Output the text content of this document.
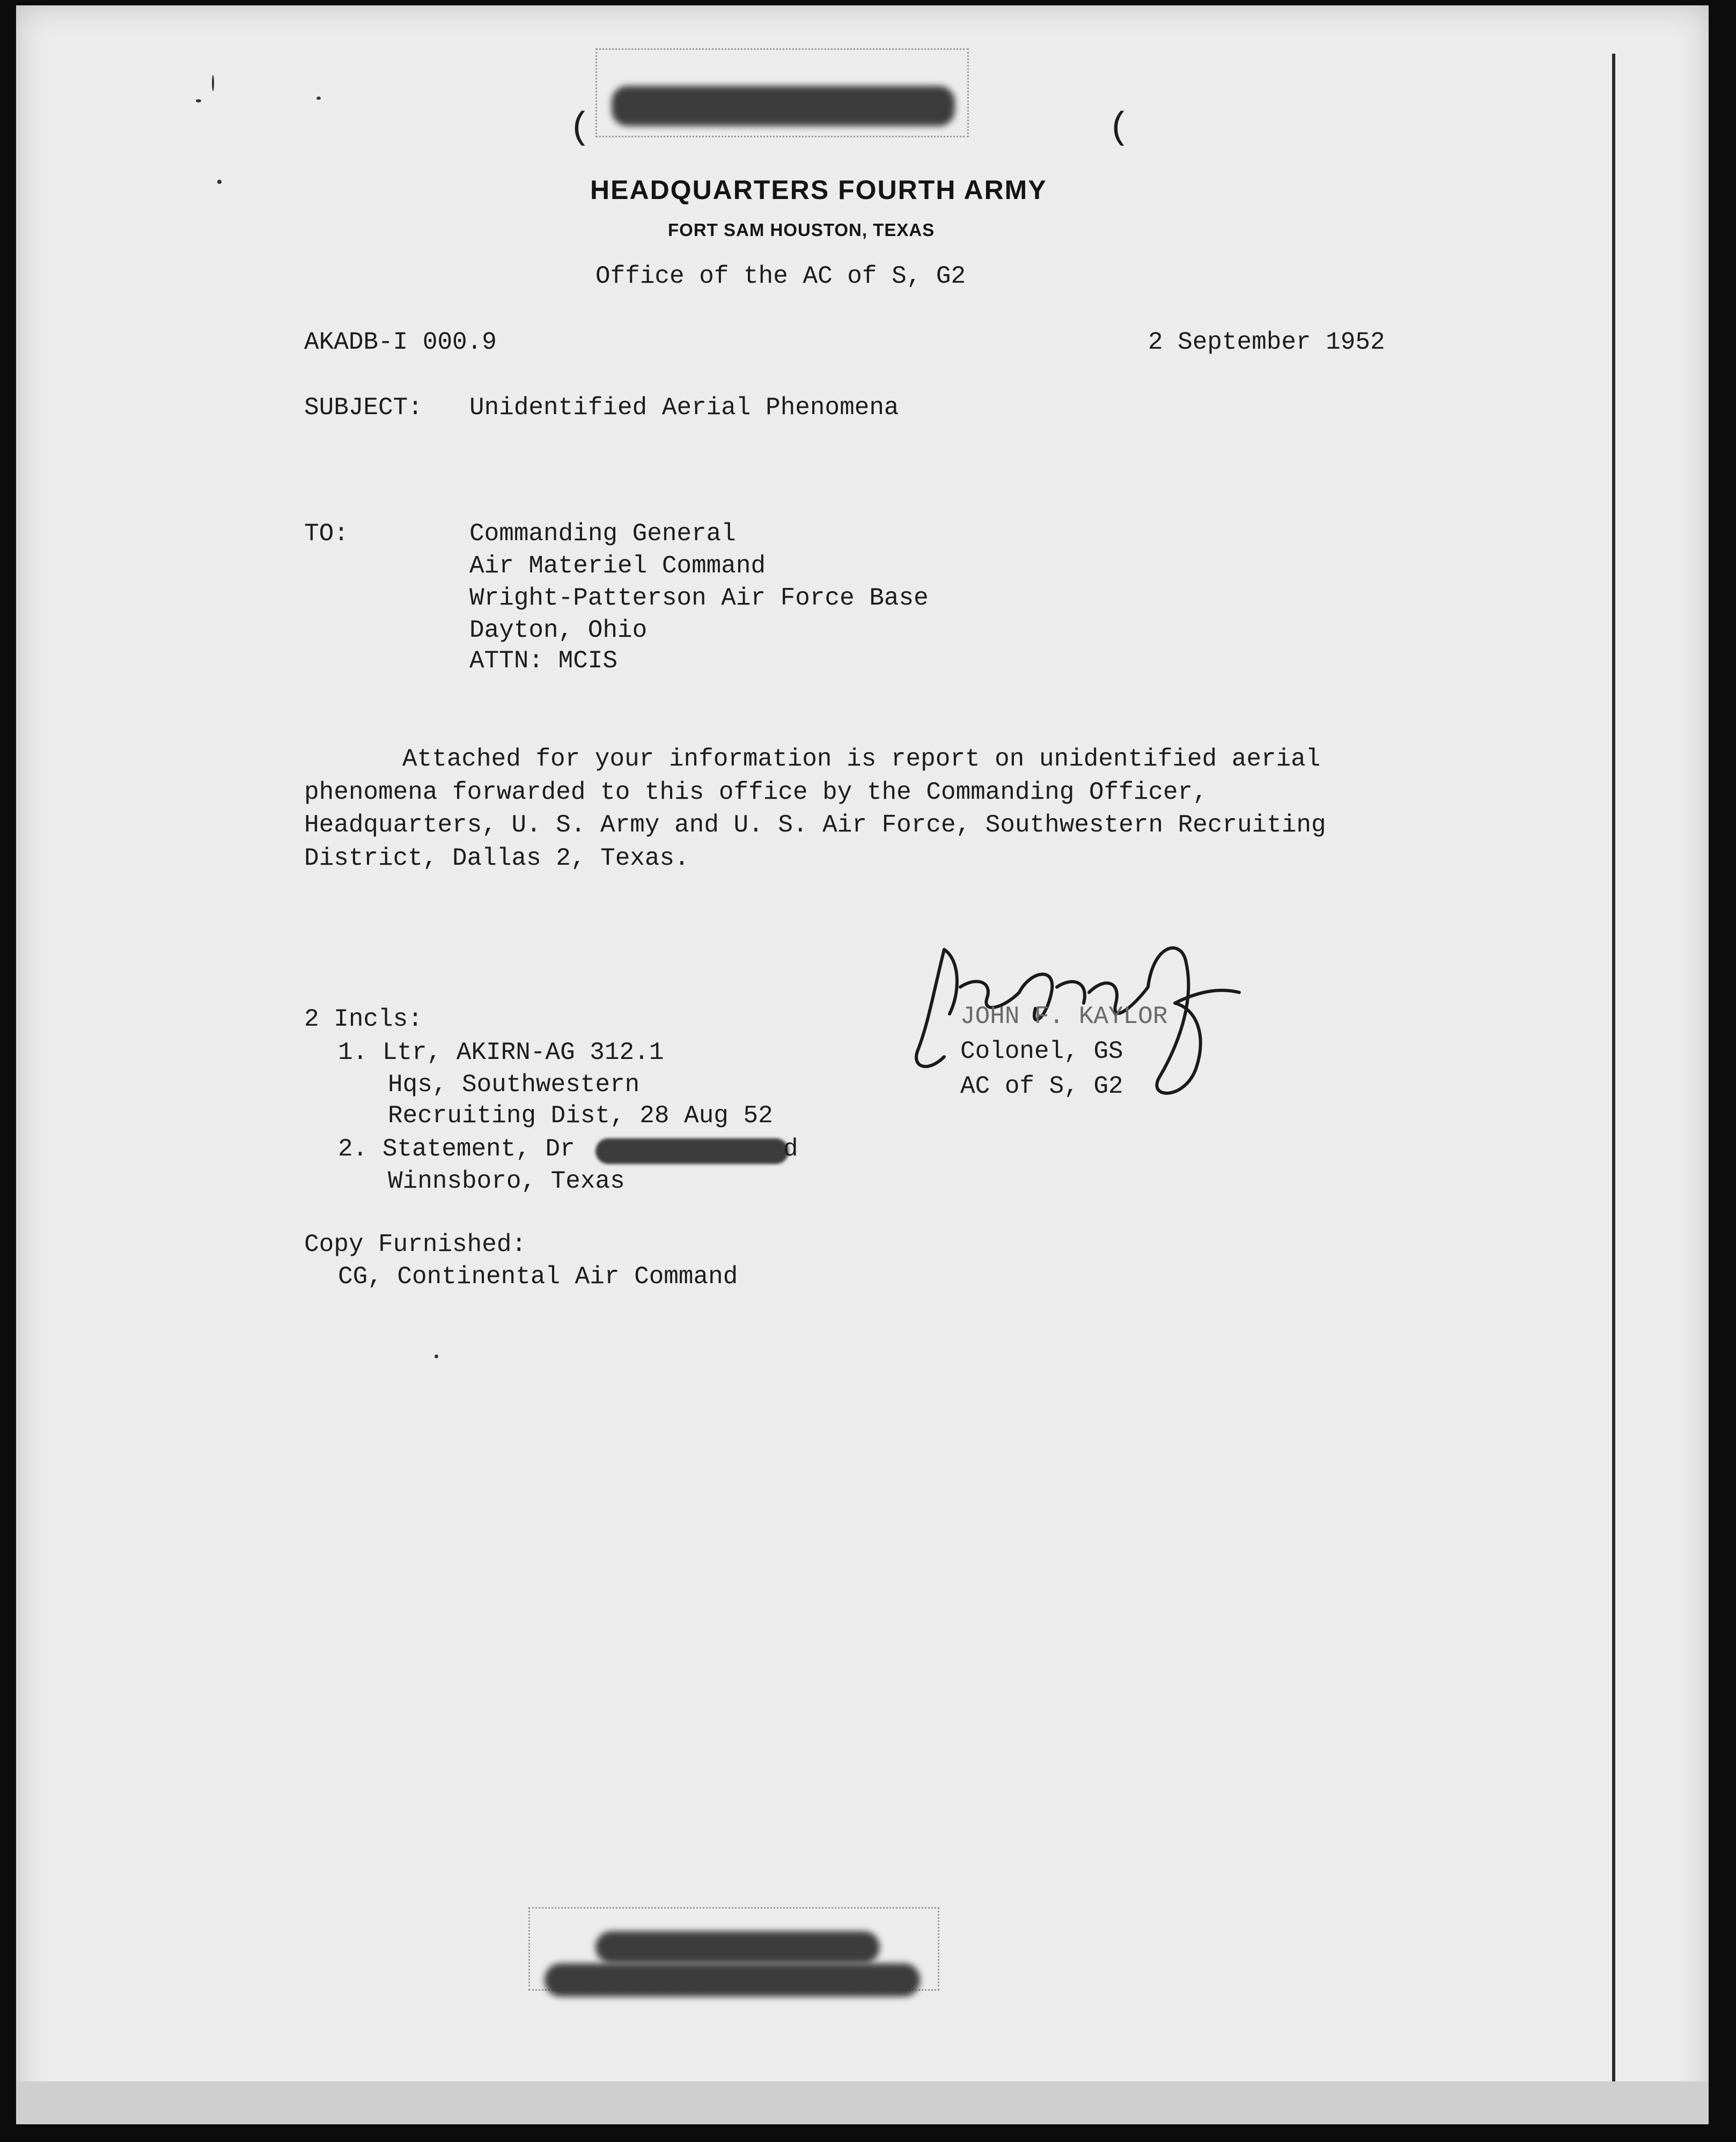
(	(
HEADQUARTERS FOURTH ARMY
FORT SAM HOUSTON, TEXAS
Office of the AC of S, G2
AKADB-I 000.9	2 September 1952
SUBJECT: Unidentified Aerial Phenomena
TO:	Commanding General
Air Materiel Command
Wright-Patterson Air Force Base
Dayton, Ohio
ATTN: MCIS
Attached for your information is report on unidentified aerial
phenomena forwarded to this office by the Commanding Officer,
Headquarters, U. S. Army and U. S. Air Force, Southwestern Recruiting
District, Dallas 2, Texas.
JOHN F. KAYLOR
Colonel, GS
AC of S, G2
2 Incls:
1. Ltr, AKIRN-AG 312.1
Hqs, Southwestern
Recruiting Dist, 28 Aug 52
2. Statement, Dr	d
Winnsboro, Texas
Copy Furnished:
CG, Continental Air Command
